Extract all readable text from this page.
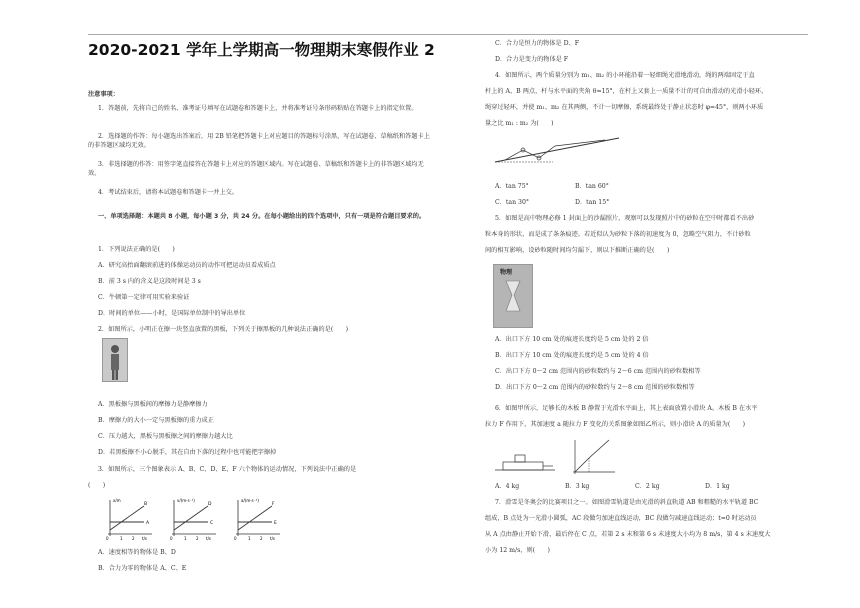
2020-2021 学年上学期高一物理期末寒假作业 2
注意事项：
1．答题前，先将自己的姓名、准考证号填写在试题卷和答题卡上，并将准考证号条形码粘贴在答题卡上的指定位置。
2．选择题的作答：每小题选出答案后，用 2B 铅笔把答题卡上对应题目的答题标号涂黑，写在试题卷、草稿纸和答题卡上的非答题区域均无效。
3．非选择题的作答：用签字笔直接答在答题卡上对应的答题区域内。写在试题卷、草稿纸和答题卡上的非答题区域均无效。
4．考试结束后，请将本试题卷和答题卡一并上交。
一、单项选择题：本题共 8 小题，每小题 3 分，共 24 分。在每小题给出的四个选项中，只有一项是符合题目要求的。
1．下列说法正确的是(　　)
A．研究高抬面翻滚前进的体操运动员的动作可把运动员看成质点
B．前 3 s 内的含义是这段时间是 3 s
C．牛顿第一定律可用实验来验证
D．时间的单位——小时，是国际单位制中的导出单位
2．如图所示，小明正在擦一块竖直放置的黑板，下列关于擦黑板的几种说法正确的是(　　)
A．黑板擦与黑板间的摩擦力是静摩擦力
B．摩擦力的大小一定与黑板擦的重力成正
C．压力越大，黑板与黑板擦之间的摩擦力越大比
D．若黑板擦不小心脱手，其在自由下落的过程中也可能把字擦掉
3．如图所示，三个图象表示 A、B、C、D、E、F 六个物体的运动情况，下列说法中正确的是
(　　)
x/m
B
A
0	1 2 t/s
v/(m·s⁻¹)
D
C
0	1 2 t/s
a/(m·s⁻²)
F
E
0	1 2 t/s
A．速度相等的物体是 B、D
B．合力为零的物体是 A、C、E
C．合力是恒力的物体是 D、F
D．合力是变力的物体是 F
4．如图所示，两个质量分别为 m₁、m₂ 的小环能沿着一轻细绳光滑地滑动，绳的两端固定于直
杆上的 A、B 两点，杆与水平面的夹角 θ=15°，在杆上又套上一质量不计的可自由滑动的光滑小轻环，
绳穿过轻环，并使 m₁、m₂ 在其两侧，不计一切摩擦，系统最终处于静止状态时 φ=45°，则两小环质
量之比 m₁ : m₂ 为(　　)
A．tan 75°	B．tan 60°
C．tan 30°	D．tan 15°
5．如图是高中物理必修 1 封面上的沙漏照片，观察可以发现照片中的砂粒在空中时都看不出砂
粒本身的形状，而是成了条条痕迹。若近似认为砂粒下落的初速度为 0，忽略空气阻力，不计砂粒
间的相互影响，设砂粒随时间均匀漏下，则以下推断正确的是(　　)
物理
A．出口下方 10 cm 处的痕迹长度约是 5 cm 处的 2 倍
B．出口下方 10 cm 处的痕迹长度约是 5 cm 处的 4 倍
C．出口下方 0～2 cm 范围内的砂粒数约与 2～6 cm 范围内的砂粒数相等
D．出口下方 0～2 cm 范围内的砂粒数约与 2～8 cm 范围的砂粒数相等
6．如图甲所示，足够长的木板 B 静置于光滑水平面上，其上表面放置小滑块 A。木板 B 在水平
拉力 F 作用下，其加速度 a 随拉力 F 变化的关系图象如图乙所示，则小滑块 A 的质量为(　　)
A．4 kg	B．3 kg	C．2 kg	D．1 kg
7．滑雪是冬奥会的比赛项目之一。如图滑雪轨道是由光滑的斜直轨道 AB 和粗糙的水平轨道 BC
组成，B 点处为一光滑小圆弧，AC 段做匀加速直线运动，BC 段做匀减速直线运动；t=0 时运动员
从 A 点由静止开始下滑，最后停在 C 点，若第 2 s 末和第 6 s 末速度大小均为 8 m/s，第 4 s 末速度大
小为 12 m/s，则(　　)
